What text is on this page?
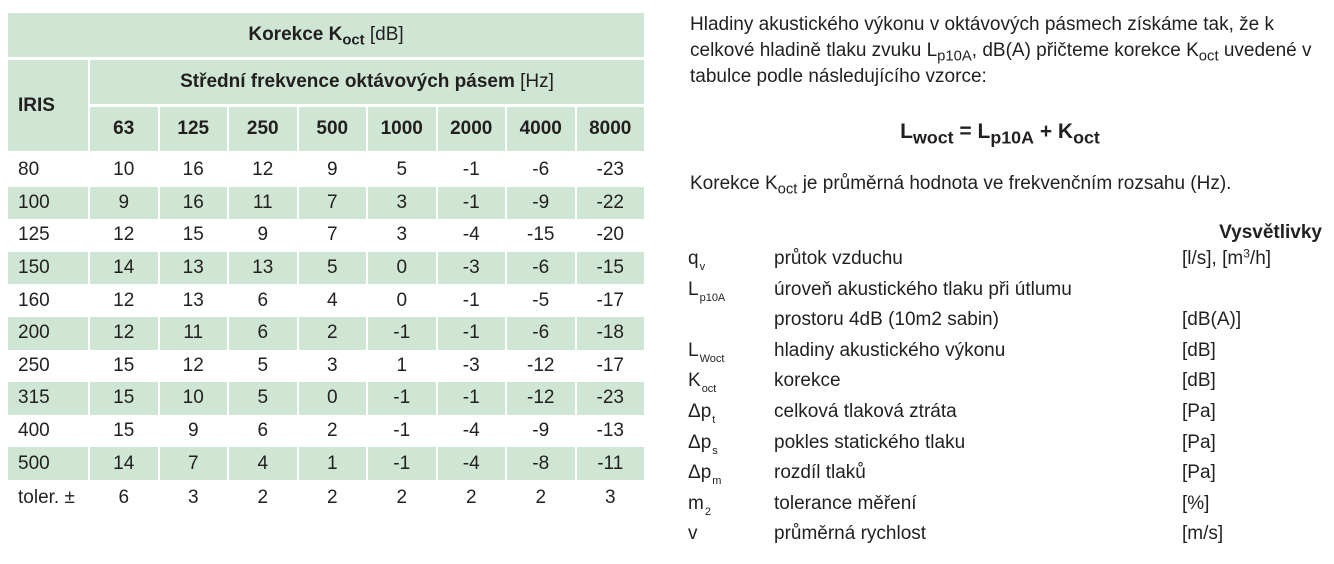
Korekce $K_{oct}$ [dB]								
IRIS	Střední frekvence oktávových pásem [Hz]							
	63	125	250	500	1000	2000	4000	8000
80	10	16	12	9	5	-1	-6	-23
100	9	16	11	7	3	-1	-9	-22
125	12	15	9	7	3	-4	-15	-20
150	14	13	13	5	0	-3	-6	-15
160	12	13	6	4	0	-1	-5	-17
200	12	11	6	2	-1	-1	-6	-18
250	15	12	5	3	1	-3	-12	-17
315	15	10	5	0	-1	-1	-12	-23
400	15	9	6	2	-1	-4	-9	-13
500	14	7	4	1	-1	-4	-8	-11
toler. ±	6	3	2	2	2	2	2	3
Hladiny akustického výkonu v oktávových pásmech získáme tak, že k celkové hladině tlaku zvuku $L_{p10A}$, dB(A) přičteme korekce $K_{oct}$ uvedené v tabulce podle následujícího vzorce:
$L_{woct} = L_{p10A} + K_{oct}$
Korekce $K_{oct}$ je průměrná hodnota ve frekvenčním rozsahu (Hz).
Vysvětlivky
$q_v$	průtok vzduchu	[l/s], $[m^3/h]$
$L_{p10A}$	úroveň akustického tlaku při útlumu
prostoru 4dB (10m2 sabin)	[dB(A)]
$L_{Woct}$	hladiny akustického výkonu	[dB]
$K_{oct}$	korekce	[dB]
$\Delta p_t$	celková tlaková ztráta	[Pa]
$\Delta p_s$	pokles statického tlaku	[Pa]
$\Delta p_m$	rozdíl tlaků	[Pa]
$m_2$	tolerance měření	[%]
v	průměrná rychlost	[m/s]
